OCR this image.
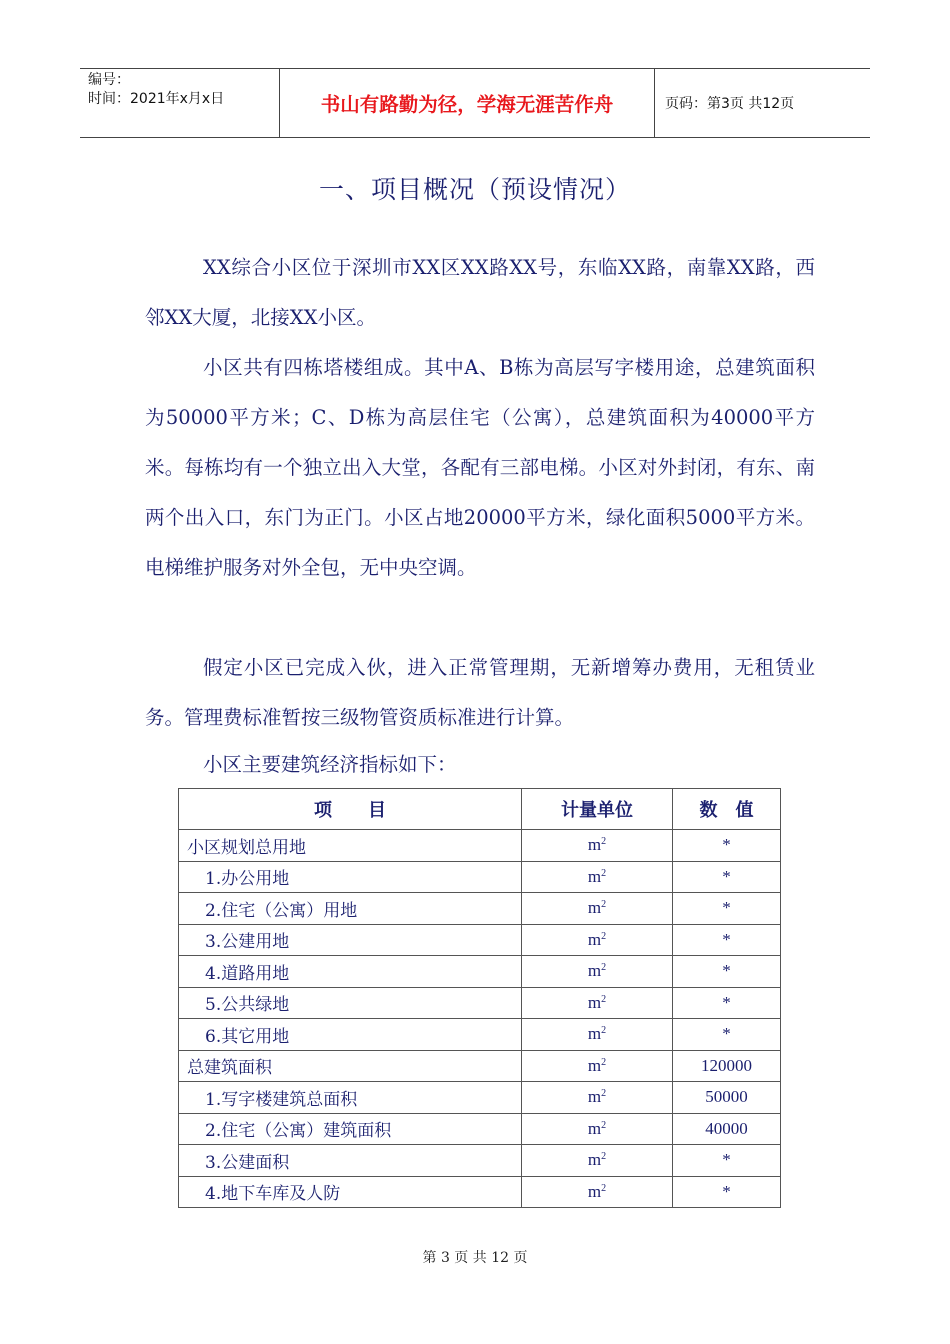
编号：
时间：2021年x月x日	书山有路勤为径，学海无涯苦作舟	页码：第3页 共12页
一、项目概况（预设情况）

XX综合小区位于深圳市XX区XX路XX号，东临XX路，南靠XX路，西邻XX大厦，北接XX小区。

小区共有四栋塔楼组成。其中A、B栋为高层写字楼用途，总建筑面积为50000平方米；C、D栋为高层住宅（公寓），总建筑面积为40000平方米。每栋均有一个独立出入大堂，各配有三部电梯。小区对外封闭，有东、南两个出入口，东门为正门。小区占地20000平方米，绿化面积5000平方米。电梯维护服务对外全包，无中央空调。

假定小区已完成入伙，进入正常管理期，无新增筹办费用，无租赁业务。管理费标准暂按三级物管资质标准进行计算。

小区主要建筑经济指标如下：

项　　目	计量单位	数　值
小区规划总用地	$m^2$	*
1.办公用地	$m^2$	*
2.住宅（公寓）用地	$m^2$	*
3.公建用地	$m^2$	*
4.道路用地	$m^2$	*
5.公共绿地	$m^2$	*
6.其它用地	$m^2$	*
总建筑面积	$m^2$	120000
1.写字楼建筑总面积	$m^2$	50000
2.住宅（公寓）建筑面积	$m^2$	40000
3.公建面积	$m^2$	*
4.地下车库及人防	$m^2$	*
第 3 页 共 12 页
